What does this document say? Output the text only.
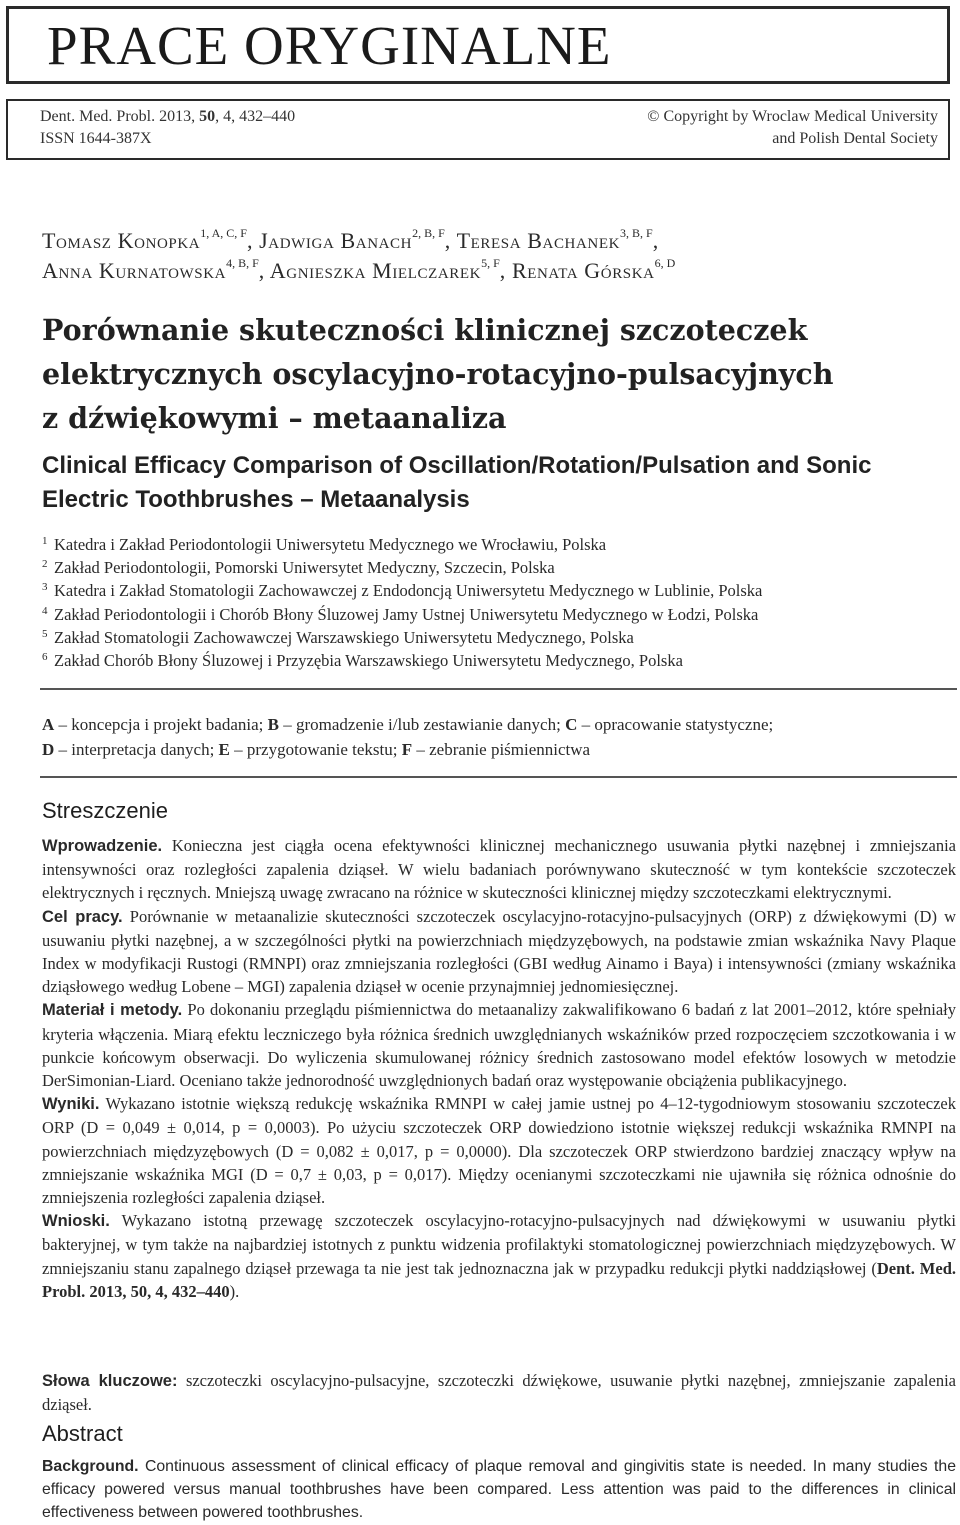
PRACE ORYGINALNE
Dent. Med. Probl. 2013, 50, 4, 432–440
ISSN 1644-387X
© Copyright by Wroclaw Medical University
and Polish Dental Society
Tomasz Konopka$^{1, A, C, F}$, Jadwiga Banach$^{2, B, F}$, Teresa Bachanek$^{3, B, F}$,
Anna Kurnatowska$^{4, B, F}$, Agnieszka Mielczarek$^{5, F}$, Renata Górska$^{6, D}$
Porównanie skuteczności klinicznej szczoteczek
elektrycznych oscylacyjno-rotacyjno-pulsacyjnych
z dźwiękowymi – metaanaliza
Clinical Efficacy Comparison of Oscillation/Rotation/Pulsation and Sonic
Electric Toothbrushes – Metaanalysis
1 Katedra i Zakład Periodontologii Uniwersytetu Medycznego we Wrocławiu, Polska
2 Zakład Periodontologii, Pomorski Uniwersytet Medyczny, Szczecin, Polska
3 Katedra i Zakład Stomatologii Zachowawczej z Endodoncją Uniwersytetu Medycznego w Lublinie, Polska
4 Zakład Periodontologii i Chorób Błony Śluzowej Jamy Ustnej Uniwersytetu Medycznego w Łodzi, Polska
5 Zakład Stomatologii Zachowawczej Warszawskiego Uniwersytetu Medycznego, Polska
6 Zakład Chorób Błony Śluzowej i Przyzębia Warszawskiego Uniwersytetu Medycznego, Polska
A – koncepcja i projekt badania; B – gromadzenie i/lub zestawianie danych; C – opracowanie statystyczne;
D – interpretacja danych; E – przygotowanie tekstu; F – zebranie piśmiennictwa
Streszczenie

Wprowadzenie. Konieczna jest ciągła ocena efektywności klinicznej mechanicznego usuwania płytki nazębnej i zmniejszania intensywności oraz rozległości zapalenia dziąseł. W wielu badaniach porównywano skuteczność w tym kontekście szczoteczek elektrycznych i ręcznych. Mniejszą uwagę zwracano na różnice w skuteczności klinicznej między szczoteczkami elektrycznymi.

Cel pracy. Porównanie w metaanalizie skuteczności szczoteczek oscylacyjno-rotacyjno-pulsacyjnych (ORP) z dźwiękowymi (D) w usuwaniu płytki nazębnej, a w szczególności płytki na powierzchniach międzyzębowych, na podstawie zmian wskaźnika Navy Plaque Index w modyfikacji Rustogi (RMNPI) oraz zmniejszania rozległości (GBI według Ainamo i Baya) i intensywności (zmiany wskaźnika dziąsłowego według Lobene – MGI) zapalenia dziąseł w ocenie przynajmniej jednomiesięcznej.

Materiał i metody. Po dokonaniu przeglądu piśmiennictwa do metaanalizy zakwalifikowano 6 badań z lat 2001–2012, które spełniały kryteria włączenia. Miarą efektu leczniczego była różnica średnich uwzględnianych wskaźników przed rozpoczęciem szczotkowania i w punkcie końcowym obserwacji. Do wyliczenia skumulowanej różnicy średnich zastosowano model efektów losowych w metodzie DerSimonian-Liard. Oceniano także jednorodność uwzględnionych badań oraz występowanie obciążenia publikacyjnego.

Wyniki. Wykazano istotnie większą redukcję wskaźnika RMNPI w całej jamie ustnej po 4–12-tygodniowym stosowaniu szczoteczek ORP (D = 0,049 ± 0,014, p = 0,0003). Po użyciu szczoteczek ORP dowiedziono istotnie większej redukcji wskaźnika RMNPI na powierzchniach międzyzębowych (D = 0,082 ± 0,017, p = 0,0000). Dla szczoteczek ORP stwierdzono bardziej znaczący wpływ na zmniejszanie wskaźnika MGI (D = 0,7 ± 0,03, p = 0,017). Między ocenianymi szczoteczkami nie ujawniła się różnica odnośnie do zmniejszenia rozległości zapalenia dziąseł.

Wnioski. Wykazano istotną przewagę szczoteczek oscylacyjno-rotacyjno-pulsacyjnych nad dźwiękowymi w usuwaniu płytki bakteryjnej, w tym także na najbardziej istotnych z punktu widzenia profilaktyki stomatologicznej powierzchniach międzyzębowych. W zmniejszaniu stanu zapalnego dziąseł przewaga ta nie jest tak jednoznaczna jak w przypadku redukcji płytki naddziąsłowej (Dent. Med. Probl. 2013, 50, 4, 432–440).

Słowa kluczowe: szczoteczki oscylacyjno-pulsacyjne, szczoteczki dźwiękowe, usuwanie płytki nazębnej, zmniejszanie zapalenia dziąseł.
Abstract

Background. Continuous assessment of clinical efficacy of plaque removal and gingivitis state is needed. In many studies the efficacy powered versus manual toothbrushes have been compared. Less attention was paid to the differences in clinical effectiveness between powered toothbrushes.
